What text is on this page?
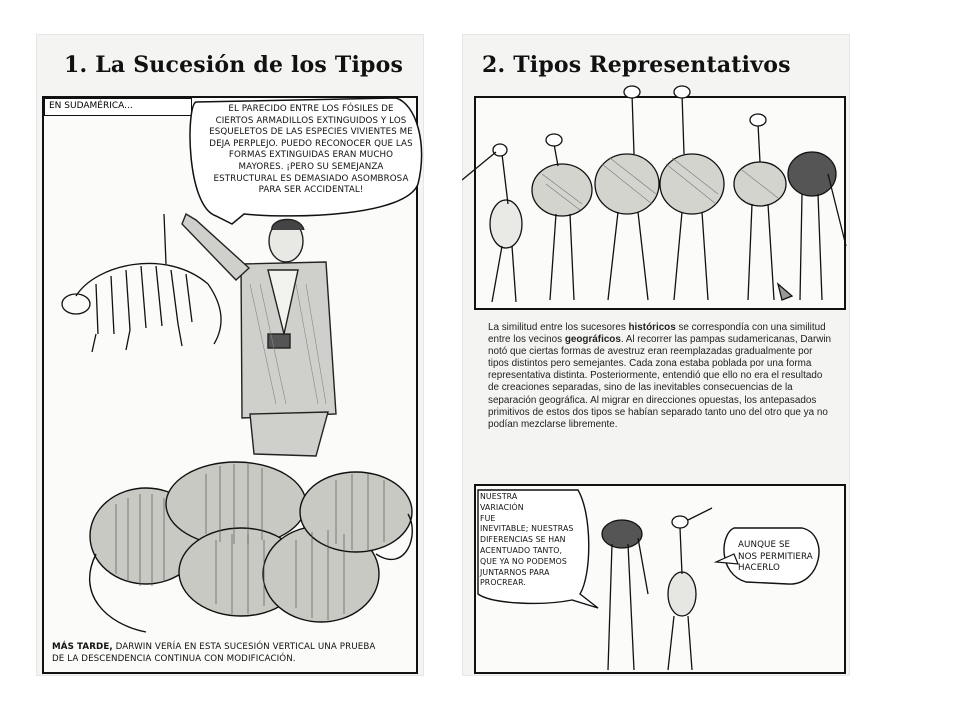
1. La Sucesión de los Tipos
EN SUDAMÉRICA...	EL PARECIDO ENTRE LOS FÓSILES DE
CIERTOS ARMADILLOS EXTINGUIDOS Y LOS
ESQUELETOS DE LAS ESPECIES VIVIENTES ME
DEJA PERPLEJO. PUEDO RECONOCER QUE LAS
FORMAS EXTINGUIDAS ERAN MUCHO
MAYORES. ¡PERO SU SEMEJANZA
ESTRUCTURAL ES DEMASIADO ASOMBROSA
PARA SER ACCIDENTAL!
MÁS TARDE, DARWIN VERÍA EN ESTA SUCESIÓN VERTICAL UNA PRUEBA
DE LA DESCENDENCIA CONTINUA CON MODIFICACIÓN.
2. Tipos Representativos
La similitud entre los sucesores históricos se correspondía con una similitud entre los vecinos geográficos. Al recorrer las pampas sudamericanas, Darwin notó que ciertas formas de avestruz eran reemplazadas gradualmente por tipos distintos pero semejantes. Cada zona estaba poblada por una forma representativa distinta. Posteriormente, entendió que ello no era el resultado de creaciones separadas, sino de las inevitables consecuencias de la separación geográfica. Al migrar en direcciones opuestas, los antepasados primitivos de estos dos tipos se habían separado tanto uno del otro que ya no podían mezclarse libremente.
NUESTRA
VARIACIÓN
FUE
INEVITABLE; NUESTRAS
DIFERENCIAS SE HAN
ACENTUADO TANTO,
QUE YA NO PODEMOS
JUNTARNOS PARA
PROCREAR.
AUNQUE SE
NOS PERMITIERA
HACERLO
